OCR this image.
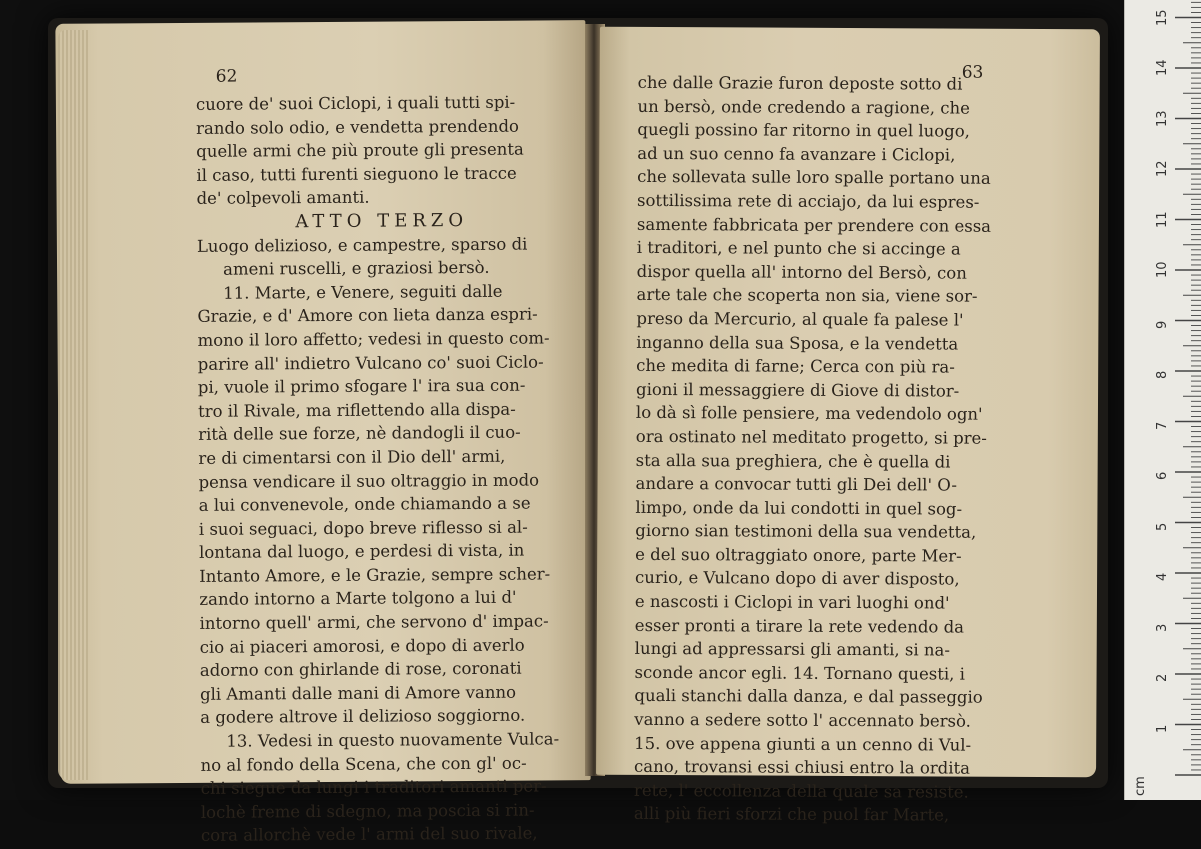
62
cuore de' suoi Ciclopi, i quali tutti spi-
rando solo odio, e vendetta prendendo
quelle armi che più proute gli presenta
il caso, tutti furenti sieguono le tracce
de' colpevoli amanti.
ATTO TERZO
Luogo delizioso, e campestre, sparso di
ameni ruscelli, e graziosi bersò.
11. Marte, e Venere, seguiti dalle
Grazie, e d' Amore con lieta danza espri-
mono il loro affetto; vedesi in questo com-
parire all' indietro Vulcano co' suoi Ciclo-
pi, vuole il primo sfogare l' ira sua con-
tro il Rivale, ma riflettendo alla dispa-
rità delle sue forze, nè dandogli il cuo-
re di cimentarsi con il Dio dell' armi,
pensa vendicare il suo oltraggio in modo
a lui convenevole, onde chiamando a se
i suoi seguaci, dopo breve riflesso si al-
lontana dal luogo, e perdesi di vista, in
Intanto Amore, e le Grazie, sempre scher-
zando intorno a Marte tolgono a lui d'
intorno quell' armi, che servono d' impac-
cio ai piaceri amorosi, e dopo di averlo
adorno con ghirlande di rose, coronati
gli Amanti dalle mani di Amore vanno
a godere altrove il delizioso soggiorno.
13. Vedesi in questo nuovamente Vulca-
no al fondo della Scena, che con gl' oc-
chi siegue da lungi i traditori amanti per-
lochè freme di sdegno, ma poscia si rin-
cora allorchè vede l' armi del suo rivale,
63
che dalle Grazie furon deposte sotto di
un bersò, onde credendo a ragione, che
quegli possino far ritorno in quel luogo,
ad un suo cenno fa avanzare i Ciclopi,
che sollevata sulle loro spalle portano una
sottilissima rete di acciajo, da lui espres-
samente fabbricata per prendere con essa
i traditori, e nel punto che si accinge a
dispor quella all' intorno del Bersò, con
arte tale che scoperta non sia, viene sor-
preso da Mercurio, al quale fa palese l'
inganno della sua Sposa, e la vendetta
che medita di farne; Cerca con più ra-
gioni il messaggiere di Giove di distor-
lo dà sì folle pensiere, ma vedendolo ogn'
ora ostinato nel meditato progetto, si pre-
sta alla sua preghiera, che è quella di
andare a convocar tutti gli Dei dell' O-
limpo, onde da lui condotti in quel sog-
giorno sian testimoni della sua vendetta,
e del suo oltraggiato onore, parte Mer-
curio, e Vulcano dopo di aver disposto,
e nascosti i Ciclopi in vari luoghi ond'
esser pronti a tirare la rete vedendo da
lungi ad appressarsi gli amanti, si na-
sconde ancor egli. 14. Tornano questi, i
quali stanchi dalla danza, e dal passeggio
vanno a sedere sotto l' accennato bersò.
15. ove appena giunti a un cenno di Vul-
cano, trovansi essi chiusi entro la ordita
rete, l' eccollenza della quale sa resiste.
alli più fieri sforzi che puol far Marte,
1
2
3
4
5
6
7
8
9
10
11
12
13
14
15
cm
